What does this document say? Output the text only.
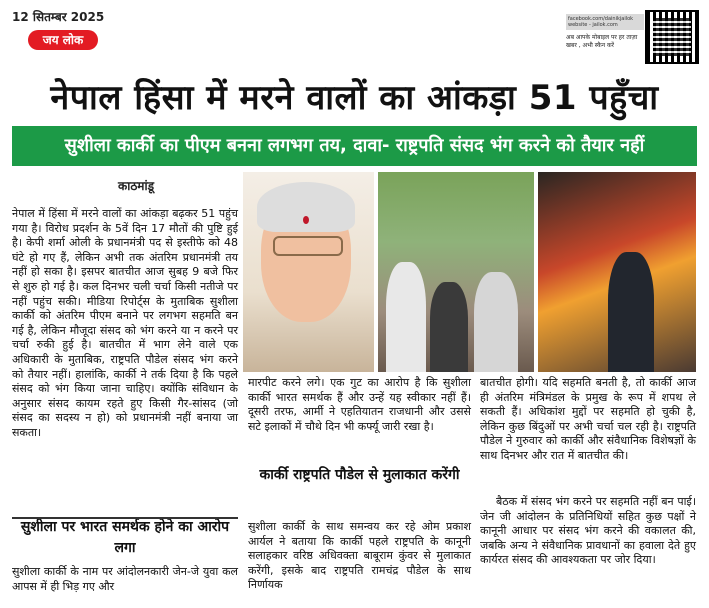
12 सितम्बर 2025
जय लोक
facebook.com/dainikjailok website - jailok.com
अब आपके मोबाइल पर हर ताज़ा खबर , अभी स्कैन करें
नेपाल हिंसा में मरने वालों का आंकड़ा 51 पहुँचा
सुशीला कार्की का पीएम बनना लगभग तय, दावा- राष्ट्रपति संसद भंग करने को तैयार नहीं
काठमांडू
नेपाल में हिंसा में मरने वालों का आंकड़ा बढ़कर 51 पहुंच गया है। विरोध प्रदर्शन के 5वें दिन 17 मौतों की पुष्टि हुई है। केपी शर्मा ओली के प्रधानमंत्री पद से इस्तीफे को 48 घंटे हो गए हैं, लेकिन अभी तक अंतरिम प्रधानमंत्री तय नहीं हो सका है। इसपर बातचीत आज सुबह 9 बजे फिर से शुरु हो गई है। कल दिनभर चली चर्चा किसी नतीजे पर नहीं पहुंच सकी। मीडिया रिपोर्ट्स के मुताबिक सुशीला कार्की को अंतरिम पीएम बनाने पर लगभग सहमति बन गई है, लेकिन मौजूदा संसद को भंग करने या न करने पर चर्चा रुकी हुई है। बातचीत में भाग लेने वाले एक अधिकारी के मुताबिक, राष्ट्रपति पौडेल संसद भंग करने को तैयार नहीं। हालांकि, कार्की ने तर्क दिया है कि पहले संसद को भंग किया जाना चाहिए। क्योंकि संविधान के अनुसार संसद कायम रहते हुए किसी गैर-सांसद (जो संसद का सदस्य न हो) को प्रधानमंत्री नहीं बनाया जा सकता।
सुशीला पर भारत समर्थक होने का आरोप लगा
सुशीला कार्की के नाम पर आंदोलनकारी जेन-जे युवा कल आपस में ही भिड़ गए और
मारपीट करने लगे। एक गुट का आरोप है कि सुशीला कार्की भारत समर्थक हैं और उन्हें यह स्वीकार नहीं हैं। दूसरी तरफ, आर्मी ने एहतियातन राजधानी और उससे सटे इलाकों में चौथे दिन भी कर्फ्यू जारी रखा है।
कार्की राष्ट्रपति पौडेल से मुलाकात करेंगी
सुशीला कार्की के साथ समन्वय कर रहे ओम प्रकाश आर्यल ने बताया कि कार्की पहले राष्ट्रपति के कानूनी सलाहकार वरिष्ठ अधिवक्ता बाबूराम कुंवर से मुलाकात करेंगी, इसके बाद राष्ट्रपति रामचंद्र पौडेल के साथ निर्णायक
बातचीत होगी। यदि सहमति बनती है, तो कार्की आज ही अंतरिम मंत्रिमंडल के प्रमुख के रूप में शपथ ले सकती हैं। अधिकांश मुद्दों पर सहमति हो चुकी है, लेकिन कुछ बिंदुओं पर अभी चर्चा चल रही है। राष्ट्रपति पौडेल ने गुरुवार को कार्की और संवैधानिक विशेषज्ञों के साथ दिनभर और रात में बातचीत की।
बैठक में संसद भंग करने पर सहमति नहीं बन पाई। जेन जी आंदोलन के प्रतिनिधियों सहित कुछ पक्षों ने कानूनी आधार पर संसद भंग करने की वकालत की, जबकि अन्य ने संवैधानिक प्रावधानों का हवाला देते हुए कार्यरत संसद की आवश्यकता पर जोर दिया।
